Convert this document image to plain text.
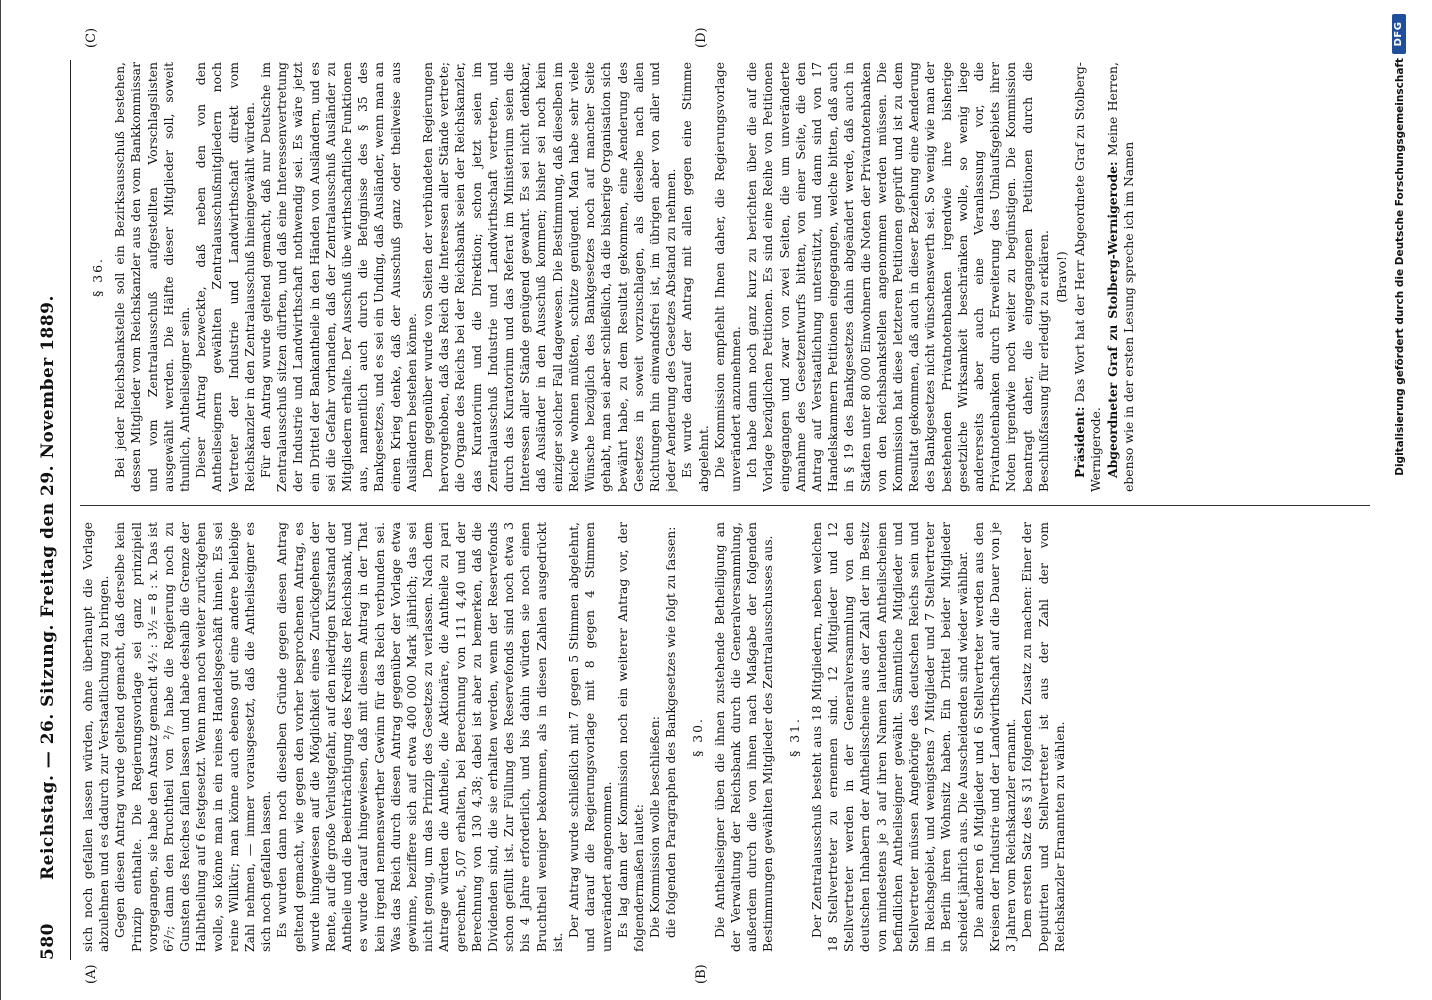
580
Reichstag. — 26. Sitzung. Freitag den 29. November 1889.
(A)	(B)
(C)	(D)

sich noch gefallen lassen würden, ohne überhaupt die Vorlage abzulehnen und es dadurch zur Verstaatlichung zu bringen. Gegen diesen Antrag wurde geltend gemacht, daß derselbe kein Prinzip enthalte. Die Regierungsvorlage sei ganz prinzipiell vorgegangen, sie habe den Ansatz gemacht 4½ : 3½ = 8 : x. Das ist 6²/₇; dann den Bruchtheil von ²/₇ habe die Regierung noch zu Gunsten des Reiches fallen lassen und habe deshalb die Grenze der Halbtheilung auf 6 festgesetzt. Wenn man noch weiter zurückgehen wolle, so könne man in ein reines Handelsgeschäft hinein. Es sei reine Willkür; man könne auch ebenso gut eine andere beliebige Zahl nehmen, — immer vorausgesetzt, daß die Antheilseigner es sich noch gefallen lassen. Es wurden dann noch dieselben Gründe gegen diesen Antrag geltend gemacht, wie gegen den vorher besprochenen Antrag, es wurde hingewiesen auf die Möglichkeit eines Zurückgehens der Rente, auf die große Verlustgefahr, auf den niedrigen Kursstand der Antheile und die Beeinträchtigung des Kredits der Reichsbank, und es wurde darauf hingewiesen, daß mit diesem Antrag in der That kein irgend nennenswerther Gewinn für das Reich verbunden sei. Was das Reich durch diesen Antrag gegenüber der Vorlage etwa gewinne, beziffere sich auf etwa 400 000 Mark jährlich; das sei nicht genug, um das Prinzip des Gesetzes zu verlassen. Nach dem Antrage würden die Antheile, die Aktionäre, die Antheile zu pari gerechnet, 5,07 erhalten, bei Berechnung von 111 4,40 und der Berechnung von 130 4,38; dabei ist aber zu bemerken, daß die Dividenden sind, die sie erhalten werden, wenn der Reservefonds schon gefüllt ist. Zur Füllung des Reservefonds sind noch etwa 3 bis 4 Jahre erforderlich, und bis dahin würden sie noch einen Bruchtheil weniger bekommen, als in diesen Zahlen ausgedrückt ist.

Der Antrag wurde schließlich mit 7 gegen 5 Stimmen abgelehnt, und darauf die Regierungsvorlage mit 8 gegen 4 Stimmen unverändert angenommen. Es lag dann der Kommission noch ein weiterer Antrag vor, der folgendermaßen lautet: Die Kommission wolle beschließen: die folgenden Paragraphen des Bankgesetzes wie folgt zu fassen: § 30. Die Antheilseigner üben die ihnen zustehende Betheiligung an der Verwaltung der Reichsbank durch die Generalversammlung, außerdem durch die von ihnen nach Maßgabe der folgenden Bestimmungen gewählten Mitglieder des Zentralausschusses aus. § 31. Der Zentralausschuß besteht aus 18 Mitgliedern, neben welchen 18 Stellvertreter zu ernennen sind. 12 Mitglieder und 12 Stellvertreter werden in der Generalversammlung von den deutschen Inhabern der Antheilsscheine aus der Zahl der im Besitz von mindestens je 3 auf ihren Namen lautenden Antheilscheinen befindlichen Antheilseigner gewählt. Sämmtliche Mitglieder und Stellvertreter müssen Angehörige des deutschen Reichs sein und im Reichsgebiet, und wenigstens 7 Mitglieder und 7 Stellvertreter in Berlin ihren Wohnsitz haben. Ein Drittel beider Mitglieder scheidet jährlich aus. Die Ausscheidenden sind wieder wählbar. Die anderen 6 Mitglieder und 6 Stellvertreter werden aus den Kreisen der Industrie und der Landwirthschaft auf die Dauer von je 3 Jahren vom Reichskanzler ernannt. Dem ersten Satz des § 31 folgenden Zusatz zu machen: Einer der Deputirten und Stellvertreter ist aus der Zahl der vom Reichskanzler Ernannten zu wählen.

§ 36. Bei jeder Reichsbankstelle soll ein Bezirksausschuß bestehen, dessen Mitglieder vom Reichskanzler aus den vom Bankkommissar und vom Zentralausschuß aufgestellten Vorschlagslisten ausgewählt werden. Die Hälfte dieser Mitglieder soll, soweit thunlich, Antheilseigner sein. Dieser Antrag bezweckte, daß neben den von den Antheilseignern gewählten Zentralausschußmitgliedern noch Vertreter der Industrie und Landwirthschaft direkt vom Reichskanzler in den Zentralausschuß hineingewählt würden. Für den Antrag wurde geltend gemacht, daß nur Deutsche im Zentralausschuß sitzen dürften, und daß eine Interessenvertretung der Industrie und Landwirthschaft nothwendig sei. Es wäre jetzt ein Drittel der Bankantheile in den Händen von Ausländern, und es sei die Gefahr vorhanden, daß der Zentralausschuß Ausländer zu Mitgliedern erhalte. Der Ausschuß übe wirthschaftliche Funktionen aus, namentlich auch durch die Befugnisse des § 35 des Bankgesetzes, und es sei ein Unding, daß Ausländer, wenn man an einen Krieg denke, daß der Ausschuß ganz oder theilweise aus Ausländern bestehen könne. Dem gegenüber wurde von Seiten der verbündeten Regierungen hervorgehoben, daß das Reich die Interessen aller Stände vertrete; die Organe des Reichs bei der Reichsbank seien der Reichskanzler, das Kuratorium und die Direktion; schon jetzt seien im Zentralausschuß Industrie und Landwirthschaft vertreten, und durch das Kuratorium und das Referat im Ministerium seien die Interessen aller Stände genügend gewahrt. Es sei nicht denkbar, daß Ausländer in den Ausschuß kommen; bisher sei noch kein einziger solcher Fall dagewesen. Die Bestimmung, daß dieselben im Reiche wohnen müßten, schütze genügend. Man habe sehr viele Wünsche bezüglich des Bankgesetzes noch auf mancher Seite gehabt, man sei aber schließlich, da die bisherige Organisation sich bewährt habe, zu dem Resultat gekommen, eine Aenderung des Gesetzes in soweit vorzuschlagen, als dieselbe nach allen Richtungen hin einwandsfrei ist, im übrigen aber von aller und jeder Aenderung des Gesetzes Abstand zu nehmen. Es wurde darauf der Antrag mit allen gegen eine Stimme abgelehnt. Die Kommission empfiehlt Ihnen daher, die Regierungsvorlage unverändert anzunehmen. Ich habe dann noch ganz kurz zu berichten über die auf die Vorlage bezüglichen Petitionen. Es sind eine Reihe von Petitionen eingegangen und zwar von zwei Seiten, die um unveränderte Annahme des Gesetzentwurfs bitten, von einer Seite, die den Antrag auf Verstaatlichung unterstützt, und dann sind von 17 Handelskammern Petitionen eingegangen, welche bitten, daß auch in § 19 des Bankgesetzes dahin abgeändert werde, daß auch in Städten unter 80 000 Einwohnern die Noten der Privatnotenbanken von den Reichsbankstellen angenommen werden müssen. Die Kommission hat diese letzteren Petitionen geprüft und ist zu dem Resultat gekommen, daß auch in dieser Beziehung eine Aenderung des Bankgesetzes nicht wünschenswerth sei. So wenig wie man der bestehenden Privatnotenbanken irgendwie ihre bisherige gesetzliche Wirksamkeit beschränken wolle, so wenig liege andererseits aber auch eine Veranlassung vor, die Privatnotenbanken durch Erweiterung des Umlaufsgebiets ihrer Noten irgendwie noch weiter zu begünstigen. Die Kommission beantragt daher, die eingegangenen Petitionen durch die Beschlußfassung für erledigt zu erklären. (Bravo!)

Präsident: Das Wort hat der Herr Abgeordnete Graf zu Stolberg-Wernigerode. Abgeordneter Graf zu Stolberg-Wernigerode: Meine Herren, ebenso wie in der ersten Lesung spreche ich im Namen	Digitalisierung gefördert durch die Deutsche Forschungsgemeinschaft
DFG
